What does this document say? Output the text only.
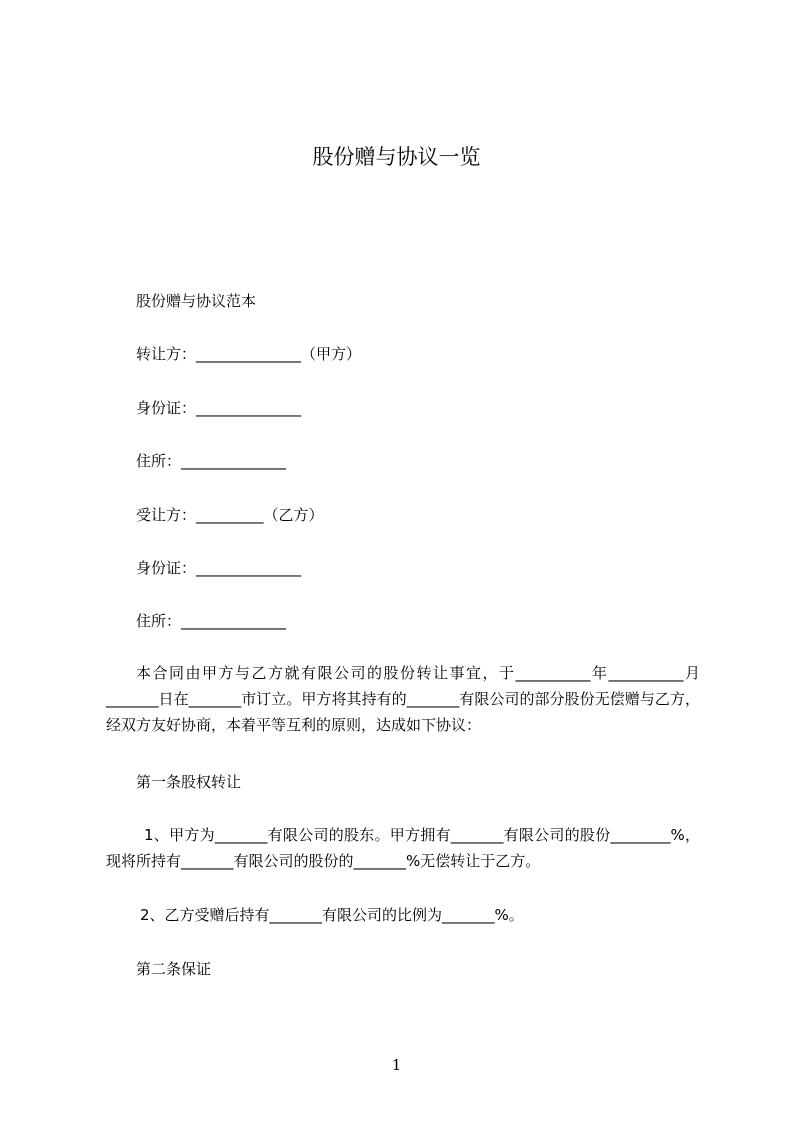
股份赠与协议一览
股份赠与协议范本
转让方：______________（甲方）
身份证：______________
住所：______________
受让方：_________（乙方）
身份证：______________
住所：______________
本合同由甲方与乙方就有限公司的股份转让事宜，于__________年__________月_______日在_______市订立。甲方将其持有的_______有限公司的部分股份无偿赠与乙方，经双方友好协商，本着平等互利的原则，达成如下协议：
第一条股权转让
1、甲方为_______有限公司的股东。甲方拥有_______有限公司的股份________%，现将所持有_______有限公司的股份的_______%无偿转让于乙方。
2、乙方受赠后持有_______有限公司的比例为_______%。
第二条保证
1
